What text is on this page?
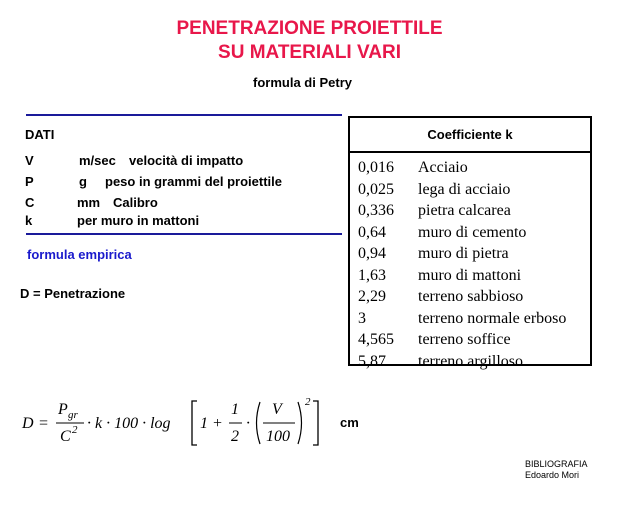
PENETRAZIONE PROIETTILE
SU MATERIALI VARI
formula di Petry
DATI
V	m/sec velocità di impatto
P	g peso in grammi del proiettile
C	mm Calibro
k	per muro in mattoni
formula empirica
D = Penetrazione
Coefficiente k
0,016 Acciaio
0,025 lega di acciaio
0,336 pietra calcarea
0,64 muro di cemento
0,94 muro di pietra
1,63 muro di mattoni
2,29 terreno sabbioso
3	terreno normale erboso
4,565 terreno soffice
5,87 terreno argilloso
D =
P gr
C 2 · k · 100 · log 1 +
1
2
·
V
100
2
cm
BIBLIOGRAFIA
Edoardo Mori
